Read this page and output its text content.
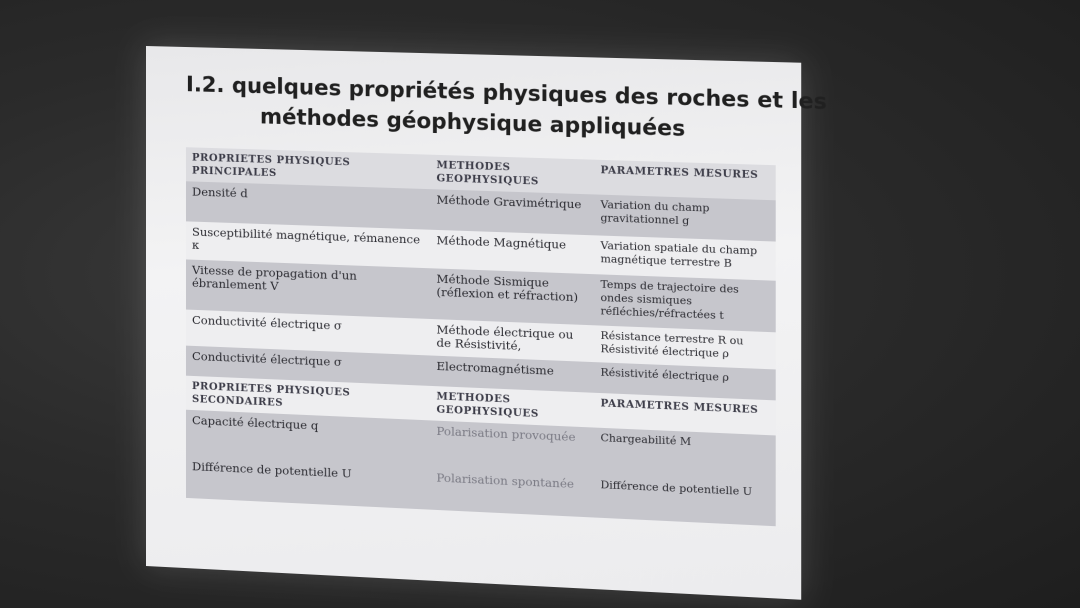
I.2. quelques propriétés physiques des roches et les
méthodes géophysique appliquées
PROPRIETES PHYSIQUES PRINCIPALES	METHODES GEOPHYSIQUES	PARAMETRES MESURES
Densité d	Méthode Gravimétrique	Variation du champ gravitationnel g
Susceptibilité magnétique, rémanence κ	Méthode Magnétique	Variation spatiale du champ magnétique terrestre B
Vitesse de propagation d'un ébranlement V	Méthode Sismique (réflexion et réfraction)	Temps de trajectoire des ondes sismiques réfléchies/réfractées t
Conductivité électrique σ	Méthode électrique ou de Résistivité,	Résistance terrestre R ou Résistivité électrique ρ
Conductivité électrique σ	Electromagnétisme	Résistivité électrique ρ
PROPRIETES PHYSIQUES SECONDAIRES	METHODES GEOPHYSIQUES	PARAMETRES MESURES
Capacité électrique q	Polarisation provoquée	Chargeabilité M
Différence de potentielle U	Polarisation spontanée	Différence de potentielle U
